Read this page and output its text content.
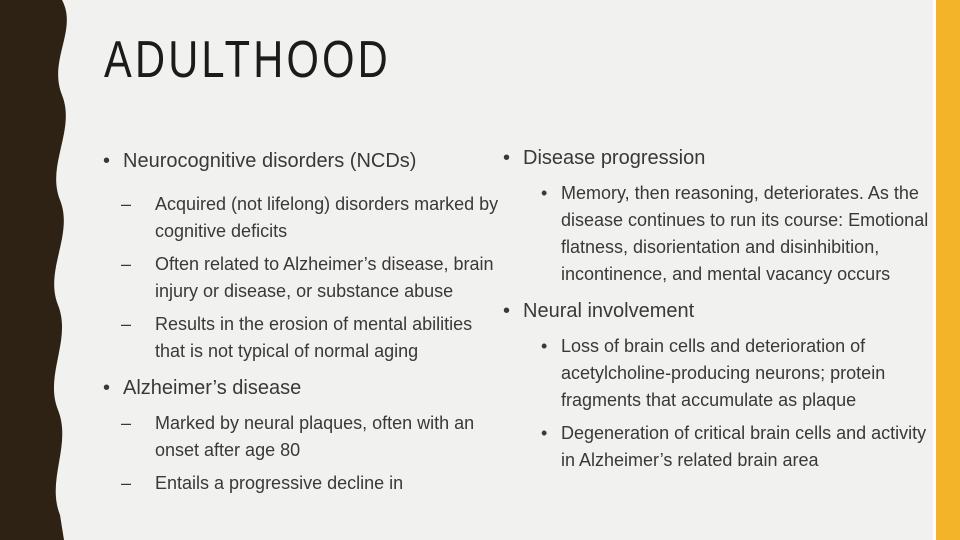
ADULTHOOD
• Neurocognitive disorders (NCDs)
–	Acquired (not lifelong) disorders marked by cognitive deficits
–	Often related to Alzheimer’s disease, brain injury or disease, or substance abuse
–	Results in the erosion of mental abilities that is not typical of normal aging
• Alzheimer’s disease
–	Marked by neural plaques, often with an onset after age 80
–	Entails a progressive decline in
• Disease progression
• Memory, then reasoning, deteriorates. As the disease continues to run its course: Emotional flatness, disorientation and disinhibition, incontinence, and mental vacancy occurs
• Neural involvement
• Loss of brain cells and deterioration of acetylcholine-producing neurons; protein fragments that accumulate as plaque
• Degeneration of critical brain cells and activity in Alzheimer’s related brain area
